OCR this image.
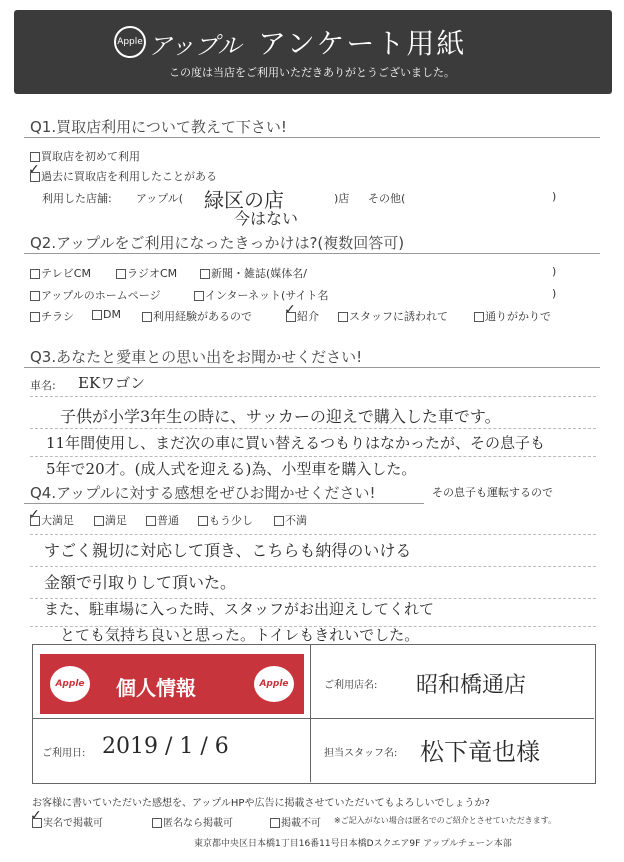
Apple アップル アンケート用紙
この度は当店をご利用いただきありがとうございました。
Q1.買取店利用について教えて下さい!
買取店を初めて利用
✓ 過去に買取店を利用したことがある
利用した店舗: アップル( 緑区の店
今はない
)店 その他(	)
Q2.アップルをご利用になったきっかけは?(複数回答可)
テレビCM	ラジオCM	新聞・雑誌(媒体名/	)
アップルのホームページ	インターネット(サイト名	)
チラシ	DM	利用経験があるので ✓ 紹介	スタッフに誘われて	通りがかりで
Q3.あなたと愛車との思い出をお聞かせください!
車名: EKワゴン
子供が小学3年生の時に、サッカーの迎えで購入した車です。
11年間使用し、まだ次の車に買い替えるつもりはなかったが、その息子も
5年で20才。(成人式を迎える)為、小型車を購入した。
その息子も運転するので
Q4.アップルに対する感想をぜひお聞かせください!
✓ 大満足	満足	普通	もう少し	不満
すごく親切に対応して頂き、こちらも納得のいける
金額で引取りして頂いた。
また、駐車場に入った時、スタッフがお出迎えしてくれて
とても気持ち良いと思った。トイレもきれいでした。
Apple	Apple
個人情報	ご利用店名: 昭和橋通店
ご利用日: 2019 / 1 / 6	担当スタッフ名: 松下竜也様
お客様に書いていただいた感想を、アップルHPや広告に掲載させていただいてもよろしいでしょうか?
✓ 実名で掲載可	匿名なら掲載可	掲載不可 ※ご記入がない場合は匿名でのご紹介とさせていただきます。
東京都中央区日本橋1丁目16番11号日本橋Dスクエア9F アップルチェーン本部
